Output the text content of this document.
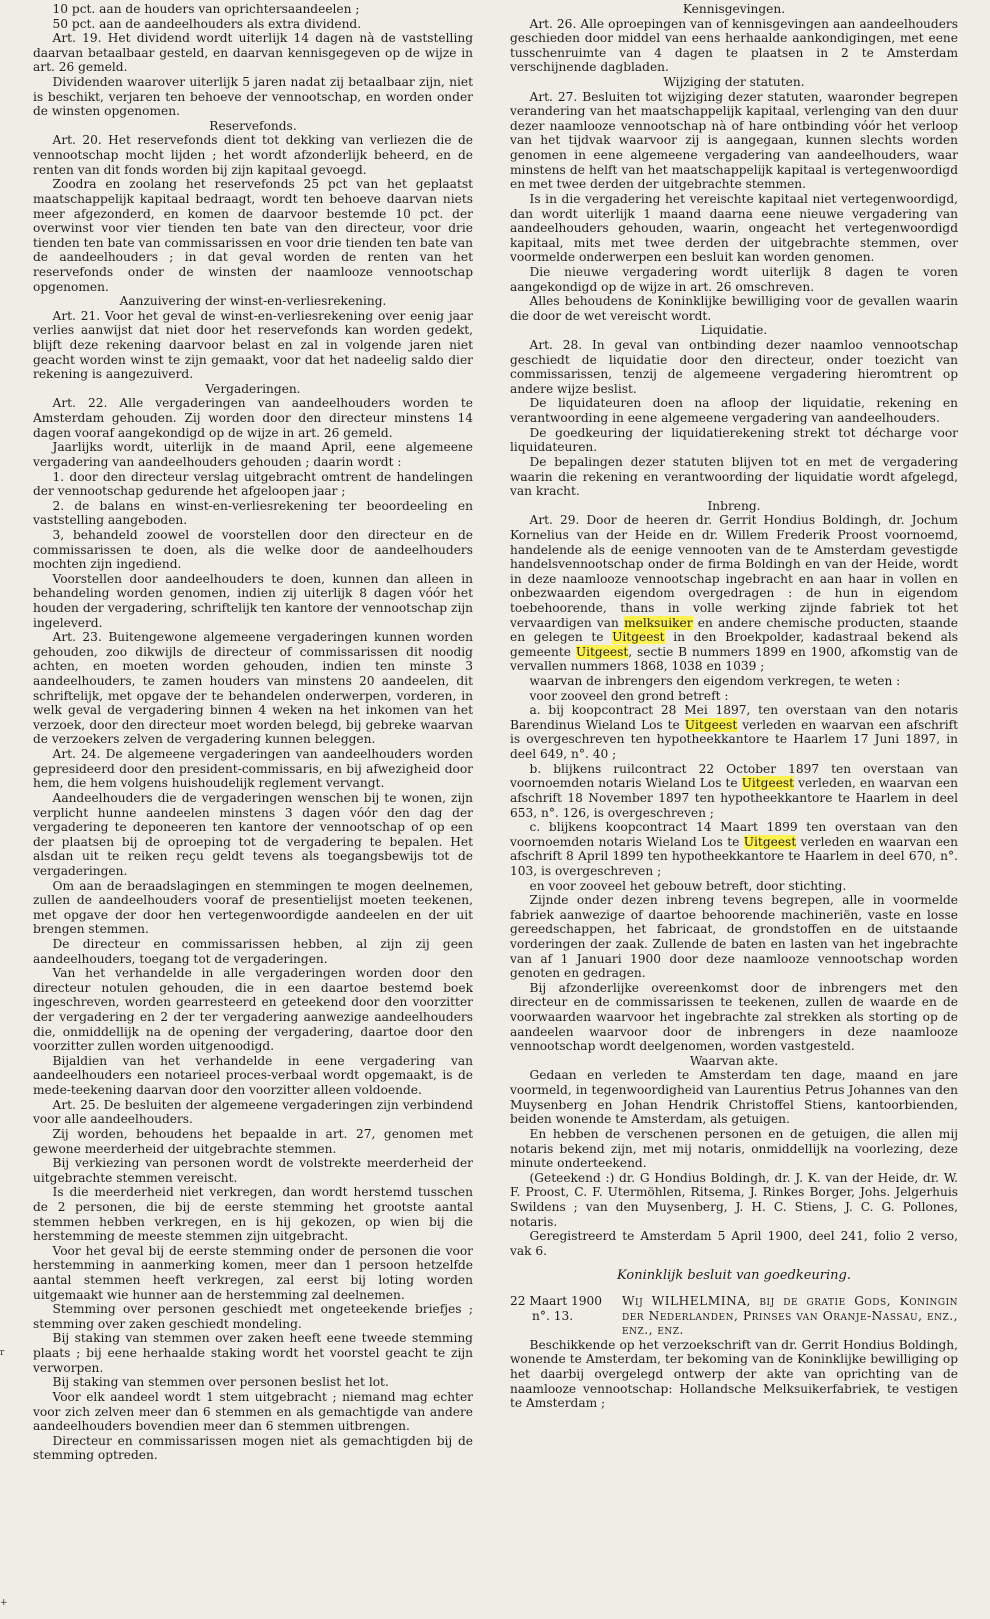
r
+

10 pct. aan de houders van oprichtersaandeelen ;

50 pct. aan de aandeelhouders als extra dividend.

Art. 19. Het dividend wordt uiterlijk 14 dagen nà de vaststelling daarvan betaalbaar gesteld, en daarvan kennisgegeven op de wijze in art. 26 gemeld.

Dividenden waarover uiterlijk 5 jaren nadat zij betaalbaar zijn, niet is beschikt, verjaren ten behoeve der vennootschap, en worden onder de winsten opgenomen.

Reservefonds.

Art. 20. Het reservefonds dient tot dekking van verliezen die de vennootschap mocht lijden ; het wordt afzonderlijk beheerd, en de renten van dit fonds worden bij zijn kapitaal gevoegd.

Zoodra en zoolang het reservefonds 25 pct van het geplaatst maatschappelijk kapitaal bedraagt, wordt ten behoeve daarvan niets meer afgezonderd, en komen de daarvoor bestemde 10 pct. der overwinst voor vier tienden ten bate van den directeur, voor drie tienden ten bate van commissarissen en voor drie tienden ten bate van de aandeelhouders ; in dat geval worden de renten van het reservefonds onder de winsten der naamlooze vennootschap opgenomen.

Aanzuivering der winst-en-verliesrekening.

Art. 21. Voor het geval de winst-en-verliesrekening over eenig jaar verlies aanwijst dat niet door het reservefonds kan worden gedekt, blijft deze rekening daarvoor belast en zal in volgende jaren niet geacht worden winst te zijn gemaakt, voor dat het nadeelig saldo dier rekening is aangezuiverd.

Vergaderingen.

Art. 22. Alle vergaderingen van aandeelhouders worden te Amsterdam gehouden. Zij worden door den directeur minstens 14 dagen vooraf aangekondigd op de wijze in art. 26 gemeld.

Jaarlijks wordt, uiterlijk in de maand April, eene algemeene vergadering van aandeelhouders gehouden ; daarin wordt :

1. door den directeur verslag uitgebracht omtrent de handelingen der vennootschap gedurende het afgeloopen jaar ;

2. de balans en winst-en-verliesrekening ter beoordeeling en vaststelling aangeboden.

3, behandeld zoowel de voorstellen door den directeur en de commissarissen te doen, als die welke door de aandeelhouders mochten zijn ingediend.

Voorstellen door aandeelhouders te doen, kunnen dan alleen in behandeling worden genomen, indien zij uiterlijk 8 dagen vóór het houden der vergadering, schriftelijk ten kantore der vennootschap zijn ingeleverd.

Art. 23. Buitengewone algemeene vergaderingen kunnen worden gehouden, zoo dikwijls de directeur of commissarissen dit noodig achten, en moeten worden gehouden, indien ten minste 3 aandeelhouders, te zamen houders van minstens 20 aandeelen, dit schriftelijk, met opgave der te behandelen onderwerpen, vorderen, in welk geval de vergadering binnen 4 weken na het inkomen van het verzoek, door den directeur moet worden belegd, bij gebreke waarvan de verzoekers zelven de vergadering kunnen beleggen.

Art. 24. De algemeene vergaderingen van aandeelhouders worden gepresideerd door den president-commissaris, en bij afwezigheid door hem, die hem volgens huishoudelijk reglement vervangt.

Aandeelhouders die de vergaderingen wenschen bij te wonen, zijn verplicht hunne aandeelen minstens 3 dagen vóór den dag der vergadering te deponeeren ten kantore der vennootschap of op een der plaatsen bij de oproeping tot de vergadering te bepalen. Het alsdan uit te reiken reçu geldt tevens als toegangsbewijs tot de vergaderingen.

Om aan de beraadslagingen en stemmingen te mogen deelnemen, zullen de aandeelhouders vooraf de presentielijst moeten teekenen, met opgave der door hen vertegenwoordigde aandeelen en der uit brengen stemmen.

De directeur en commissarissen hebben, al zijn zij geen aandeelhouders, toegang tot de vergaderingen.

Van het verhandelde in alle vergaderingen worden door den directeur notulen gehouden, die in een daartoe bestemd boek ingeschreven, worden gearresteerd en geteekend door den voorzitter der vergadering en 2 der ter vergadering aanwezige aandeelhouders die, onmiddellijk na de opening der vergadering, daartoe door den voorzitter zullen worden uitgenoodigd.

Bijaldien van het verhandelde in eene vergadering van aandeelhouders een notarieel proces-verbaal wordt opgemaakt, is de mede-teekening daarvan door den voorzitter alleen voldoende.

Art. 25. De besluiten der algemeene vergaderingen zijn verbindend voor alle aandeelhouders.

Zij worden, behoudens het bepaalde in art. 27, genomen met gewone meerderheid der uitgebrachte stemmen.

Bij verkiezing van personen wordt de volstrekte meerderheid der uitgebrachte stemmen vereischt.

Is die meerderheid niet verkregen, dan wordt herstemd tusschen de 2 personen, die bij de eerste stemming het grootste aantal stemmen hebben verkregen, en is hij gekozen, op wien bij die herstemming de meeste stemmen zijn uitgebracht.

Voor het geval bij de eerste stemming onder de personen die voor herstemming in aanmerking komen, meer dan 1 persoon hetzelfde aantal stemmen heeft verkregen, zal eerst bij loting worden uitgemaakt wie hunner aan de herstemming zal deelnemen.

Stemming over personen geschiedt met ongeteekende briefjes ; stemming over zaken geschiedt mondeling.

Bij staking van stemmen over zaken heeft eene tweede stemming plaats ; bij eene herhaalde staking wordt het voorstel geacht te zijn verworpen.

Bij staking van stemmen over personen beslist het lot.

Voor elk aandeel wordt 1 stem uitgebracht ; niemand mag echter voor zich zelven meer dan 6 stemmen en als gemachtigde van andere aandeelhouders bovendien meer dan 6 stemmen uitbrengen.

Directeur en commissarissen mogen niet als gemachtigden bij de stemming optreden.

Kennisgevingen.

Art. 26. Alle oproepingen van of kennisgevingen aan aandeelhouders geschieden door middel van eens herhaalde aankondigingen, met eene tusschenruimte van 4 dagen te plaatsen in 2 te Amsterdam verschijnende dagbladen.

Wijziging der statuten.

Art. 27. Besluiten tot wijziging dezer statuten, waaronder begrepen verandering van het maatschappelijk kapitaal, verlenging van den duur dezer naamlooze vennootschap nà of hare ontbinding vóór het verloop van het tijdvak waarvoor zij is aangegaan, kunnen slechts worden genomen in eene algemeene vergadering van aandeelhouders, waar minstens de helft van het maatschappelijk kapitaal is vertegenwoordigd en met twee derden der uitgebrachte stemmen.

Is in die vergadering het vereischte kapitaal niet vertegenwoordigd, dan wordt uiterlijk 1 maand daarna eene nieuwe vergadering van aandeelhouders gehouden, waarin, ongeacht het vertegenwoordigd kapitaal, mits met twee derden der uitgebrachte stemmen, over voormelde onderwerpen een besluit kan worden genomen.

Die nieuwe vergadering wordt uiterlijk 8 dagen te voren aangekondigd op de wijze in art. 26 omschreven.

Alles behoudens de Koninklijke bewilliging voor de gevallen waarin die door de wet vereischt wordt.

Liquidatie.

Art. 28. In geval van ontbinding dezer naamloo vennootschap geschiedt de liquidatie door den directeur, onder toezicht van commissarissen, tenzij de algemeene vergadering hieromtrent op andere wijze beslist.

De liquidateuren doen na afloop der liquidatie, rekening en verantwoording in eene algemeene vergadering van aandeelhouders.

De goedkeuring der liquidatierekening strekt tot décharge voor liquidateuren.

De bepalingen dezer statuten blijven tot en met de vergadering waarin die rekening en verantwoording der liquidatie wordt afgelegd, van kracht.

Inbreng.

Art. 29. Door de heeren dr. Gerrit Hondius Boldingh, dr. Jochum Kornelius van der Heide en dr. Willem Frederik Proost voornoemd, handelende als de eenige vennooten van de te Amsterdam gevestigde handelsvennootschap onder de firma Boldingh en van der Heide, wordt in deze naamlooze vennootschap ingebracht en aan haar in vollen en onbezwaarden eigendom overgedragen : de hun in eigendom toebehoorende, thans in volle werking zijnde fabriek tot het vervaardigen van melksuiker en andere chemische producten, staande en gelegen te Uitgeest in den Broekpolder, kadastraal bekend als gemeente Uitgeest, sectie B nummers 1899 en 1900, afkomstig van de vervallen nummers 1868, 1038 en 1039 ;

waarvan de inbrengers den eigendom verkregen, te weten :

voor zooveel den grond betreft :

a. bij koopcontract 28 Mei 1897, ten overstaan van den notaris Barendinus Wieland Los te Uitgeest verleden en waarvan een afschrift is overgeschreven ten hypotheekkantore te Haarlem 17 Juni 1897, in deel 649, n°. 40 ;

b. blijkens ruilcontract 22 October 1897 ten overstaan van voornoemden notaris Wieland Los te Uitgeest verleden, en waarvan een afschrift 18 November 1897 ten hypotheekkantore te Haarlem in deel 653, n°. 126, is overgeschreven ;

c. blijkens koopcontract 14 Maart 1899 ten overstaan van den voornoemden notaris Wieland Los te Uitgeest verleden en waarvan een afschrift 8 April 1899 ten hypotheekkantore te Haarlem in deel 670, n°. 103, is overgeschreven ;

en voor zooveel het gebouw betreft, door stichting.

Zijnde onder dezen inbreng tevens begrepen, alle in voormelde fabriek aanwezige of daartoe behoorende machineriën, vaste en losse gereedschappen, het fabricaat, de grondstoffen en de uitstaande vorderingen der zaak. Zullende de baten en lasten van het ingebrachte van af 1 Januari 1900 door deze naamlooze vennootschap worden genoten en gedragen.

Bij afzonderlijke overeenkomst door de inbrengers met den directeur en de commissarissen te teekenen, zullen de waarde en de voorwaarden waarvoor het ingebrachte zal strekken als storting op de aandeelen waarvoor door de inbrengers in deze naamlooze vennootschap wordt deelgenomen, worden vastgesteld.

Waarvan akte.

Gedaan en verleden te Amsterdam ten dage, maand en jare voormeld, in tegenwoordigheid van Laurentius Petrus Johannes van den Muysenberg en Johan Hendrik Christoffel Stiens, kantoorbienden, beiden wonende te Amsterdam, als getuigen.

En hebben de verschenen personen en de getuigen, die allen mij notaris bekend zijn, met mij notaris, onmiddellijk na voorlezing, deze minute onderteekend.

(Geteekend :) dr. G Hondius Boldingh, dr. J. K. van der Heide, dr. W. F. Proost, C. F. Utermöhlen, Ritsema, J. Rinkes Borger, Johs. Jelgerhuis Swildens ; van den Muysenberg, J. H. C. Stiens, J. C. G. Pollones, notaris.

Geregistreerd te Amsterdam 5 April 1900, deel 241, folio 2 verso, vak 6.

Koninklijk besluit van goedkeuring.

22 Maart 1900
n°. 13.
Wij WILHELMINA, bij de gratie Gods, Koningin der Nederlanden, Prinses van Oranje-Nassau, enz., enz., enz.

Beschikkende op het verzoekschrift van dr. Gerrit Hondius Boldingh, wonende te Amsterdam, ter bekoming van de Koninklijke bewilliging op het daarbij overgelegd ontwerp der akte van oprichting van de naamlooze vennootschap: Hollandsche Melksuikerfabriek, te vestigen te Amsterdam ;
